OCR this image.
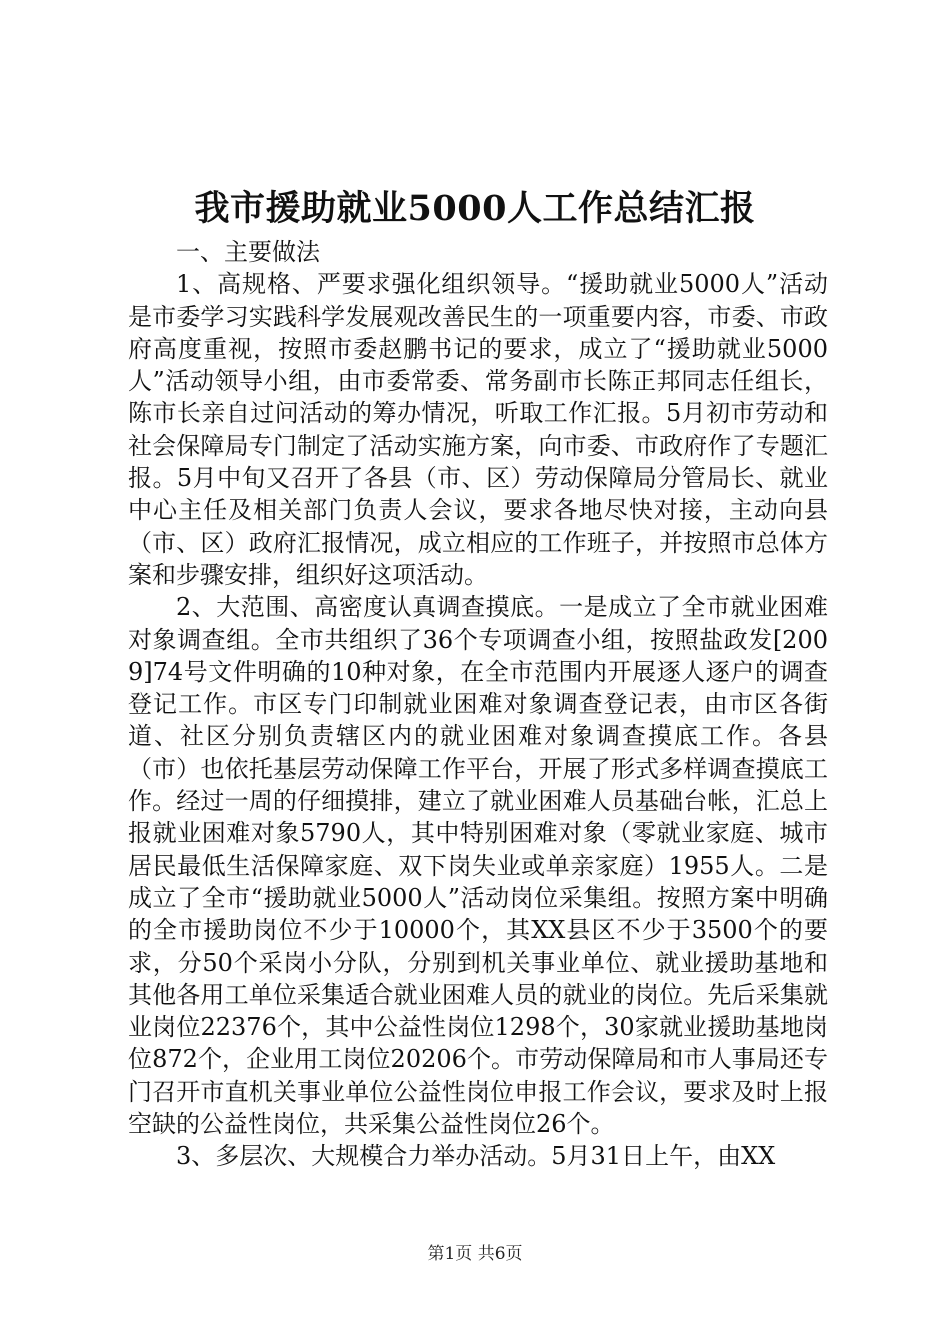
我市援助就业5000人工作总结汇报

一、主要做法

1、高规格、严要求强化组织领导。“援助就业5000人”活动是市委学习实践科学发展观改善民生的一项重要内容，市委、市政府高度重视，按照市委赵鹏书记的要求，成立了“援助就业5000人”活动领导小组，由市委常委、常务副市长陈正邦同志任组长，陈市长亲自过问活动的筹办情况，听取工作汇报。5月初市劳动和社会保障局专门制定了活动实施方案，向市委、市政府作了专题汇报。5月中旬又召开了各县（市、区）劳动保障局分管局长、就业中心主任及相关部门负责人会议，要求各地尽快对接，主动向县（市、区）政府汇报情况，成立相应的工作班子，并按照市总体方案和步骤安排，组织好这项活动。

2、大范围、高密度认真调查摸底。一是成立了全市就业困难对象调查组。全市共组织了36个专项调查小组，按照盐政发[2009]74号文件明确的10种对象，在全市范围内开展逐人逐户的调查登记工作。市区专门印制就业困难对象调查登记表，由市区各街道、社区分别负责辖区内的就业困难对象调查摸底工作。各县（市）也依托基层劳动保障工作平台，开展了形式多样调查摸底工作。经过一周的仔细摸排，建立了就业困难人员基础台帐，汇总上报就业困难对象5790人，其中特别困难对象（零就业家庭、城市居民最低生活保障家庭、双下岗失业或单亲家庭）1955人。二是成立了全市“援助就业5000人”活动岗位采集组。按照方案中明确的全市援助岗位不少于10000个，其XX县区不少于3500个的要求，分50个采岗小分队，分别到机关事业单位、就业援助基地和其他各用工单位采集适合就业困难人员的就业的岗位。先后采集就业岗位22376个，其中公益性岗位1298个，30家就业援助基地岗位872个，企业用工岗位20206个。市劳动保障局和市人事局还专门召开市直机关事业单位公益性岗位申报工作会议，要求及时上报空缺的公益性岗位，共采集公益性岗位26个。

3、多层次、大规模合力举办活动。5月31日上午，由XX

第1页 共6页
